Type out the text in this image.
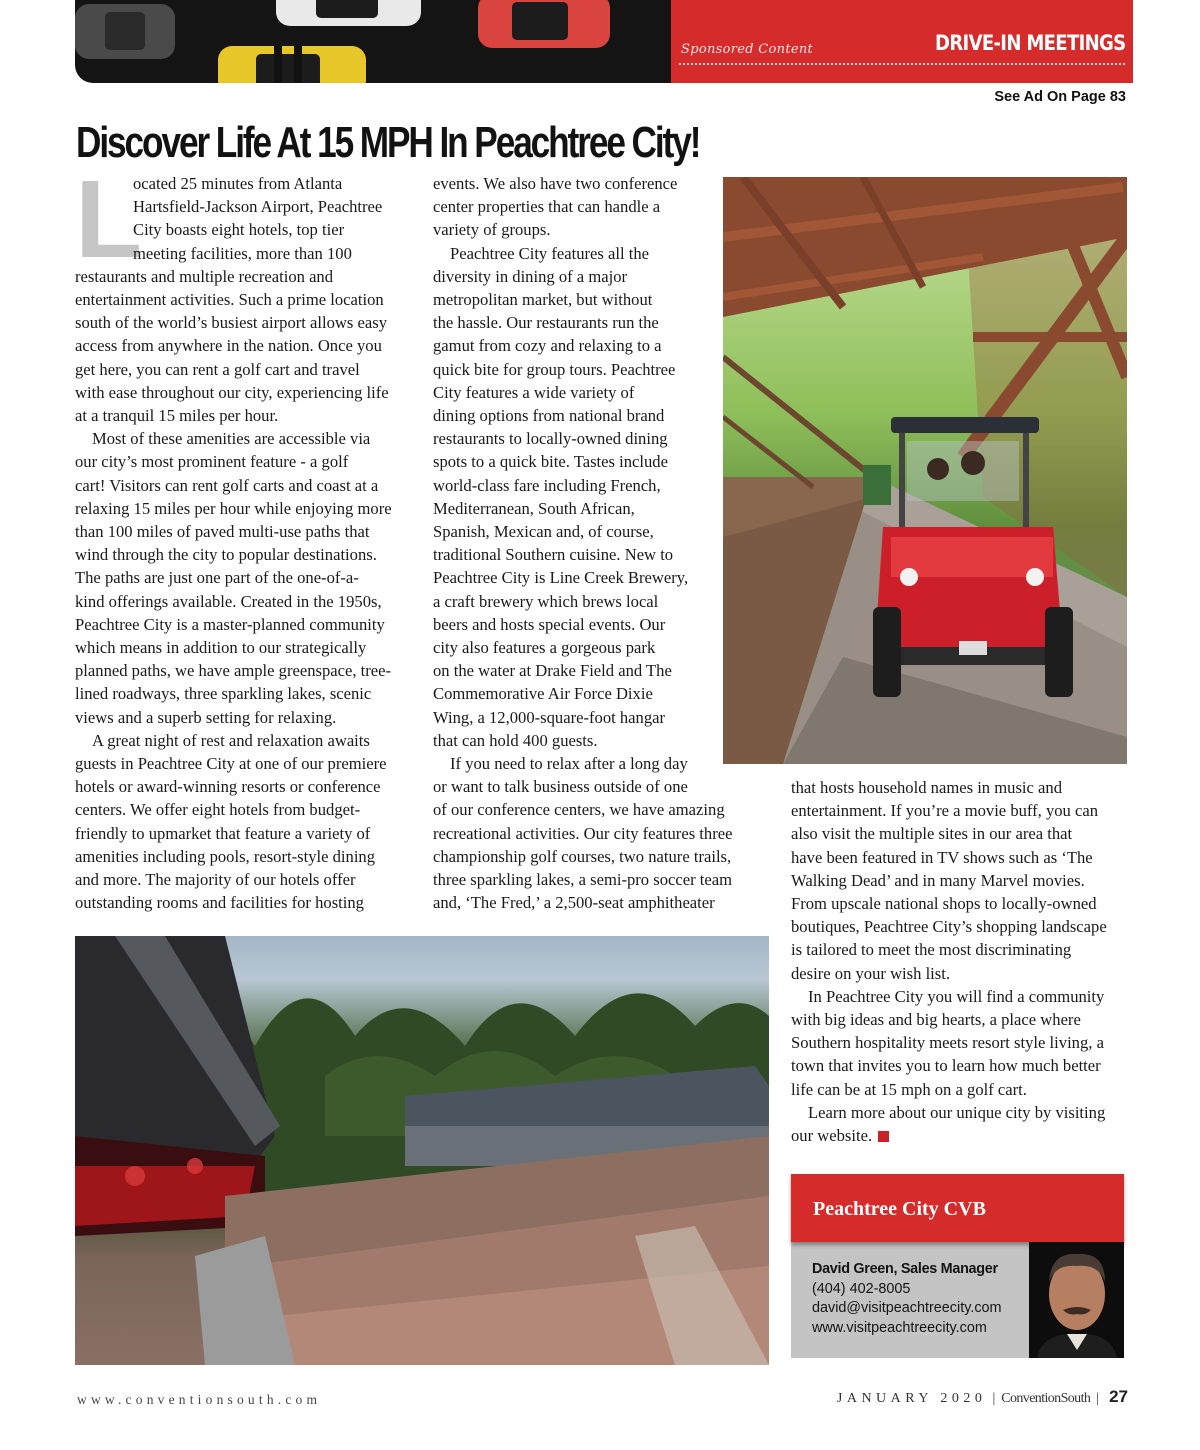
Sponsored Content	DRIVE-IN MEETINGS
See Ad On Page 83
Discover Life At 15 MPH In Peachtree City!
L
ocated 25 minutes from Atlanta
Hartsfield-Jackson Airport, Peachtree
City boasts eight hotels, top tier
meeting facilities, more than 100
restaurants and multiple recreation and
entertainment activities. Such a prime location
south of the world’s busiest airport allows easy
access from anywhere in the nation. Once you
get here, you can rent a golf cart and travel
with ease throughout our city, experiencing life
at a tranquil 15 miles per hour.
Most of these amenities are accessible via
our city’s most prominent feature - a golf
cart! Visitors can rent golf carts and coast at a
relaxing 15 miles per hour while enjoying more
than 100 miles of paved multi-use paths that
wind through the city to popular destinations.
The paths are just one part of the one-of-a-
kind offerings available. Created in the 1950s,
Peachtree City is a master-planned community
which means in addition to our strategically
planned paths, we have ample greenspace, tree-
lined roadways, three sparkling lakes, scenic
views and a superb setting for relaxing.
A great night of rest and relaxation awaits
guests in Peachtree City at one of our premiere
hotels or award-winning resorts or conference
centers. We offer eight hotels from budget-
friendly to upmarket that feature a variety of
amenities including pools, resort-style dining
and more. The majority of our hotels offer
outstanding rooms and facilities for hosting
events. We also have two conference
center properties that can handle a
variety of groups.
Peachtree City features all the
diversity in dining of a major
metropolitan market, but without
the hassle. Our restaurants run the
gamut from cozy and relaxing to a
quick bite for group tours. Peachtree
City features a wide variety of
dining options from national brand
restaurants to locally-owned dining
spots to a quick bite. Tastes include
world-class fare including French,
Mediterranean, South African,
Spanish, Mexican and, of course,
traditional Southern cuisine. New to
Peachtree City is Line Creek Brewery,
a craft brewery which brews local
beers and hosts special events. Our
city also features a gorgeous park
on the water at Drake Field and The
Commemorative Air Force Dixie
Wing, a 12,000-square-foot hangar
that can hold 400 guests.
If you need to relax after a long day
or want to talk business outside of one
of our conference centers, we have amazing
recreational activities. Our city features three
championship golf courses, two nature trails,
three sparkling lakes, a semi-pro soccer team
and, ‘The Fred,’ a 2,500-seat amphitheater
that hosts household names in music and
entertainment. If you’re a movie buff, you can
also visit the multiple sites in our area that
have been featured in TV shows such as ‘The
Walking Dead’ and in many Marvel movies.
From upscale national shops to locally-owned
boutiques, Peachtree City’s shopping landscape
is tailored to meet the most discriminating
desire on your wish list.
In Peachtree City you will find a community
with big ideas and big hearts, a place where
Southern hospitality meets resort style living, a
town that invites you to learn how much better
life can be at 15 mph on a golf cart.
Learn more about our unique city by visiting
our website.
Peachtree City CVB
David Green, Sales Manager
(404) 402-8005
david@visitpeachtreecity.com
www.visitpeachtreecity.com
www.conventionsouth.com	JANUARY 2020 | ConventionSouth | 27
